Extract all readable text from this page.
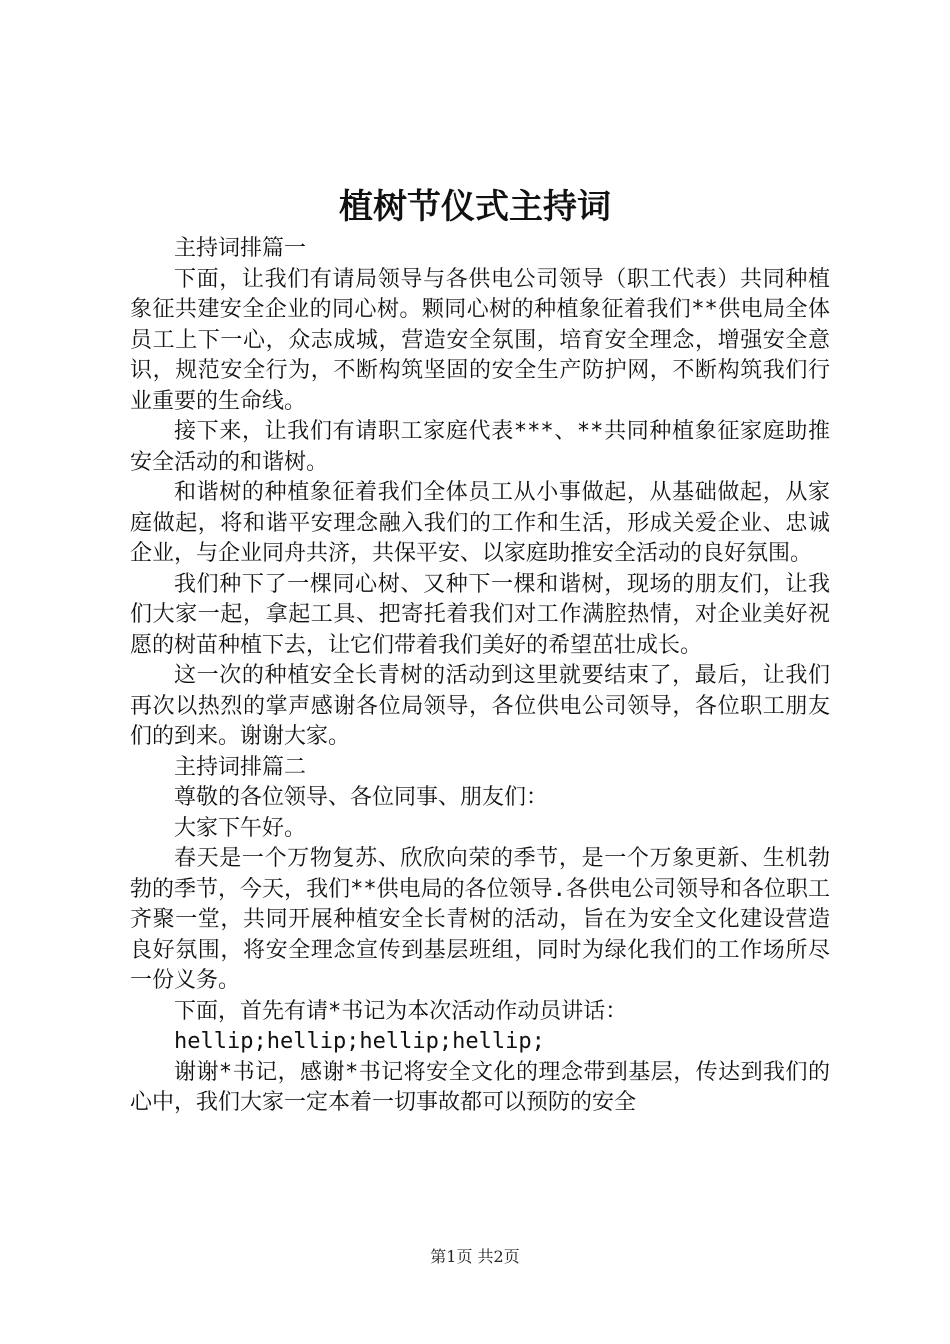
植树节仪式主持词

主持词排篇一

下面，让我们有请局领导与各供电公司领导（职工代表）共同种植象征共建安全企业的同心树。颗同心树的种植象征着我们**供电局全体员工上下一心，众志成城，营造安全氛围，培育安全理念，增强安全意识，规范安全行为，不断构筑坚固的安全生产防护网，不断构筑我们行业重要的生命线。

接下来，让我们有请职工家庭代表***、**共同种植象征家庭助推安全活动的和谐树。

和谐树的种植象征着我们全体员工从小事做起，从基础做起，从家庭做起，将和谐平安理念融入我们的工作和生活，形成关爱企业、忠诚企业，与企业同舟共济，共保平安、以家庭助推安全活动的良好氛围。

我们种下了一棵同心树、又种下一棵和谐树，现场的朋友们，让我们大家一起，拿起工具、把寄托着我们对工作满腔热情，对企业美好祝愿的树苗种植下去，让它们带着我们美好的希望茁壮成长。

这一次的种植安全长青树的活动到这里就要结束了，最后，让我们再次以热烈的掌声感谢各位局领导，各位供电公司领导，各位职工朋友们的到来。谢谢大家。

主持词排篇二

尊敬的各位领导、各位同事、朋友们：

大家下午好。

春天是一个万物复苏、欣欣向荣的季节，是一个万象更新、生机勃勃的季节，今天，我们**供电局的各位领导.各供电公司领导和各位职工齐聚一堂，共同开展种植安全长青树的活动，旨在为安全文化建设营造良好氛围，将安全理念宣传到基层班组，同时为绿化我们的工作场所尽一份义务。

下面，首先有请*书记为本次活动作动员讲话：

hellip;hellip;hellip;hellip;

谢谢*书记，感谢*书记将安全文化的理念带到基层，传达到我们的心中，我们大家一定本着一切事故都可以预防的安全

第1页 共2页
